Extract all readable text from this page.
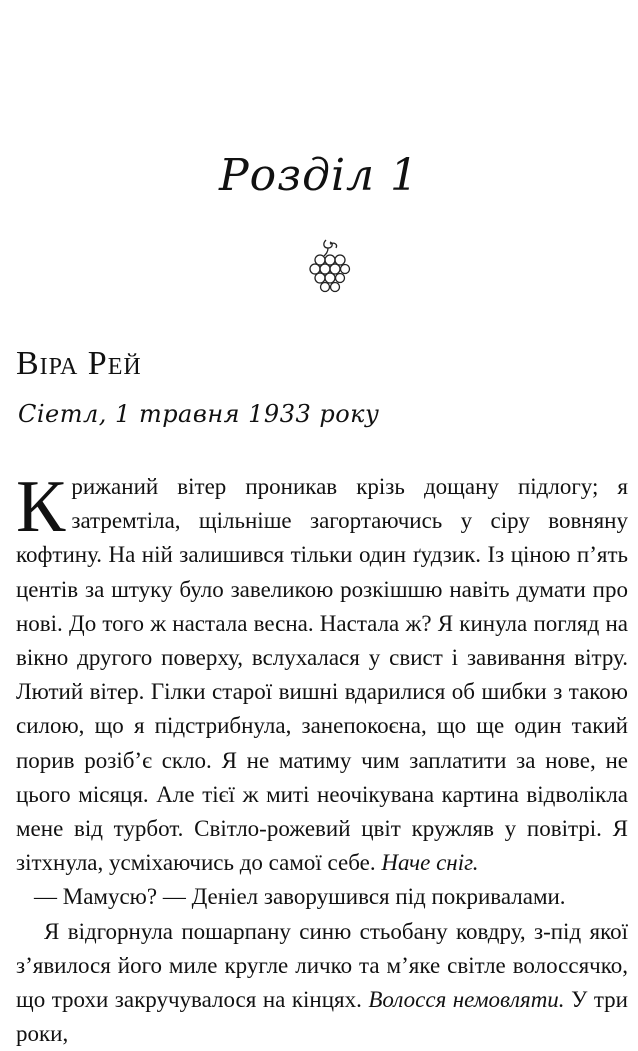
Розділ 1
Віра Рей
Сіетл, 1 травня 1933 року

Крижаний вітер проникав крізь дощану підлогу; я затремтіла, щільніше загортаючись у сіру вовняну кофтину. На ній залишився тільки один ґудзик. Із ціною п’ять центів за штуку було завеликою розкішшю навіть думати про нові. До того ж настала весна. Настала ж? Я кинула погляд на вікно другого поверху, вслухалася у свист і завивання вітру. Лютий вітер. Гілки старої вишні вдарилися об шибки з такою силою, що я підстрибнула, занепокоєна, що ще один такий порив розіб’є скло. Я не матиму чим заплатити за нове, не цього місяця. Але тієї ж миті неочікувана картина відволікла мене від турбот. Світло-рожевий цвіт кружляв у повітрі. Я зітхнула, усміхаючись до самої себе. Наче сніг.

— Мамусю? — Деніел заворушився під покривалами.

Я відгорнула пошарпану синю стьобану ковдру, з-під якої з’явилося його миле кругле личко та м’яке світле волоссячко, що трохи закручувалося на кінцях. Волосся немовляти. У три роки,
